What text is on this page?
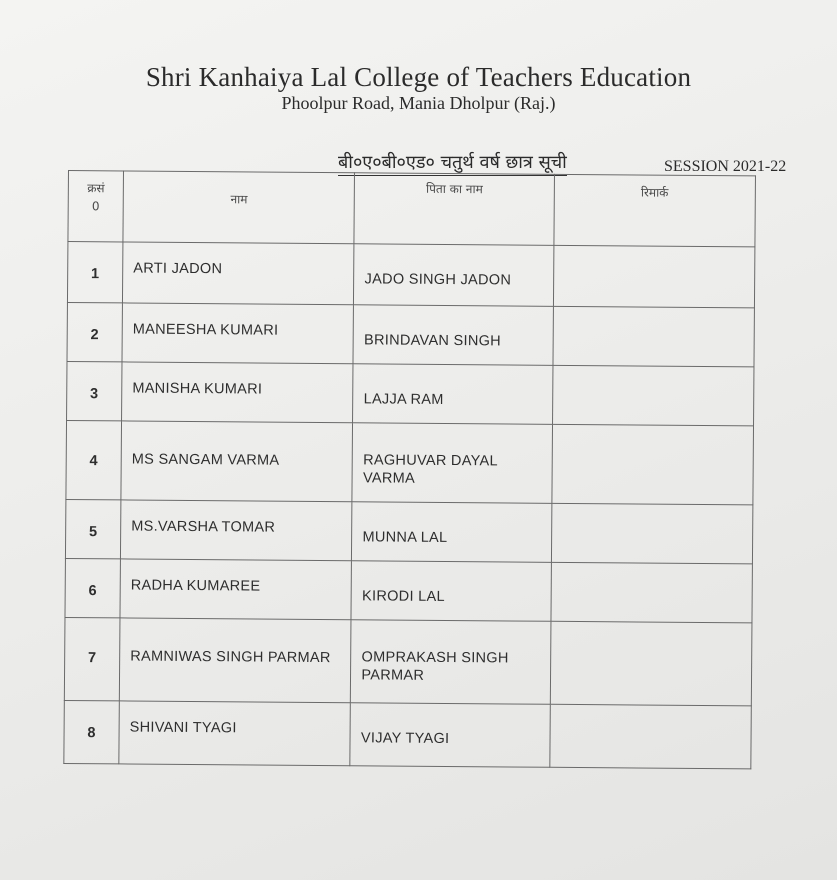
Shri Kanhaiya Lal College of Teachers Education
Phoolpur Road, Mania Dholpur (Raj.)
बी०ए०बी०एड० चतुर्थ वर्ष छात्र सूची	SESSION 2021-22
क्रसं
0	नाम	पिता का नाम	रिमार्क

1	ARTI JADON	JADO SINGH JADON	

2	MANEESHA KUMARI	BRINDAVAN SINGH	

3	MANISHA KUMARI	LAJJA RAM	

4	MS SANGAM VARMA	RAGHUVAR DAYAL VARMA	

5	MS.VARSHA TOMAR	MUNNA LAL	

6	RADHA KUMAREE	KIRODI LAL	

7	RAMNIWAS SINGH PARMAR	OMPRAKASH SINGH PARMAR	

8	SHIVANI TYAGI	VIJAY TYAGI	
